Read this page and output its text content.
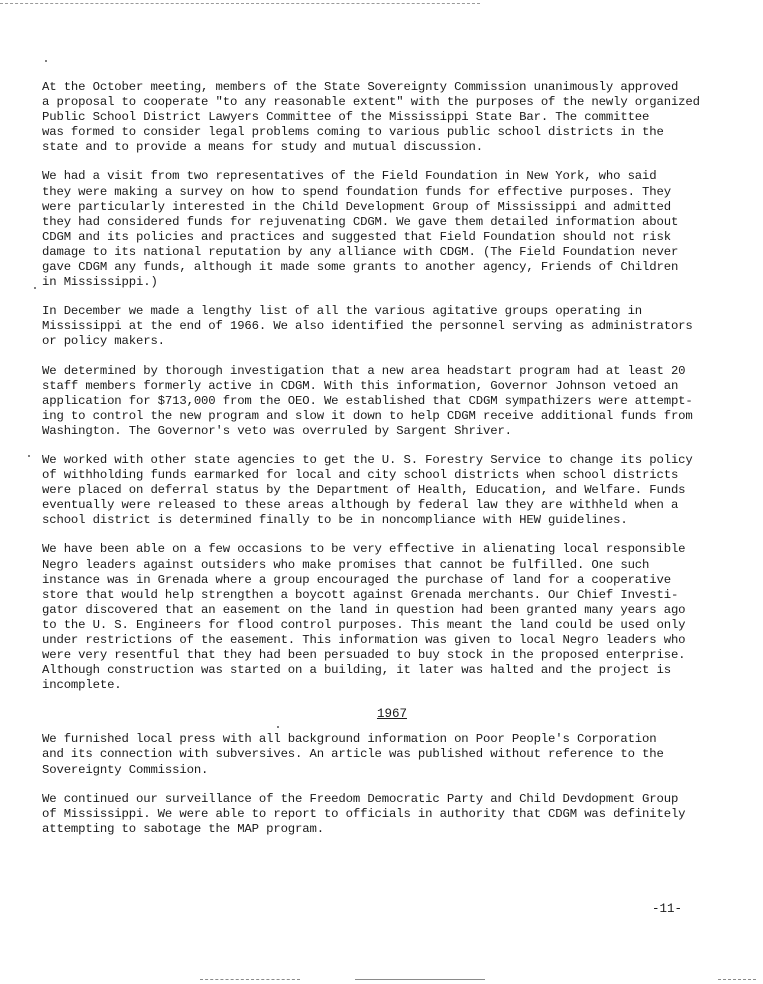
At the October meeting, members of the State Sovereignty Commission unanimously approved
a proposal to cooperate "to any reasonable extent" with the purposes of the newly organized
Public School District Lawyers Committee of the Mississippi State Bar. The committee
was formed to consider legal problems coming to various public school districts in the
state and to provide a means for study and mutual discussion.
We had a visit from two representatives of the Field Foundation in New York, who said
they were making a survey on how to spend foundation funds for effective purposes. They
were particularly interested in the Child Development Group of Mississippi and admitted
they had considered funds for rejuvenating CDGM. We gave them detailed information about
CDGM and its policies and practices and suggested that Field Foundation should not risk
damage to its national reputation by any alliance with CDGM. (The Field Foundation never
gave CDGM any funds, although it made some grants to another agency, Friends of Children
in Mississippi.)
In December we made a lengthy list of all the various agitative groups operating in
Mississippi at the end of 1966. We also identified the personnel serving as administrators
or policy makers.
We determined by thorough investigation that a new area headstart program had at least 20
staff members formerly active in CDGM. With this information, Governor Johnson vetoed an
application for $713,000 from the OEO. We established that CDGM sympathizers were attempt-
ing to control the new program and slow it down to help CDGM receive additional funds from
Washington. The Governor's veto was overruled by Sargent Shriver.
We worked with other state agencies to get the U. S. Forestry Service to change its policy
of withholding funds earmarked for local and city school districts when school districts
were placed on deferral status by the Department of Health, Education, and Welfare. Funds
eventually were released to these areas although by federal law they are withheld when a
school district is determined finally to be in noncompliance with HEW guidelines.
We have been able on a few occasions to be very effective in alienating local responsible
Negro leaders against outsiders who make promises that cannot be fulfilled. One such
instance was in Grenada where a group encouraged the purchase of land for a cooperative
store that would help strengthen a boycott against Grenada merchants. Our Chief Investi-
gator discovered that an easement on the land in question had been granted many years ago
to the U. S. Engineers for flood control purposes. This meant the land could be used only
under restrictions of the easement. This information was given to local Negro leaders who
were very resentful that they had been persuaded to buy stock in the proposed enterprise.
Although construction was started on a building, it later was halted and the project is
incomplete.
1967
We furnished local press with all background information on Poor People's Corporation
and its connection with subversives. An article was published without reference to the
Sovereignty Commission.
We continued our surveillance of the Freedom Democratic Party and Child Devdopment Group
of Mississippi. We were able to report to officials in authority that CDGM was definitely
attempting to sabotage the MAP program.
-11-
